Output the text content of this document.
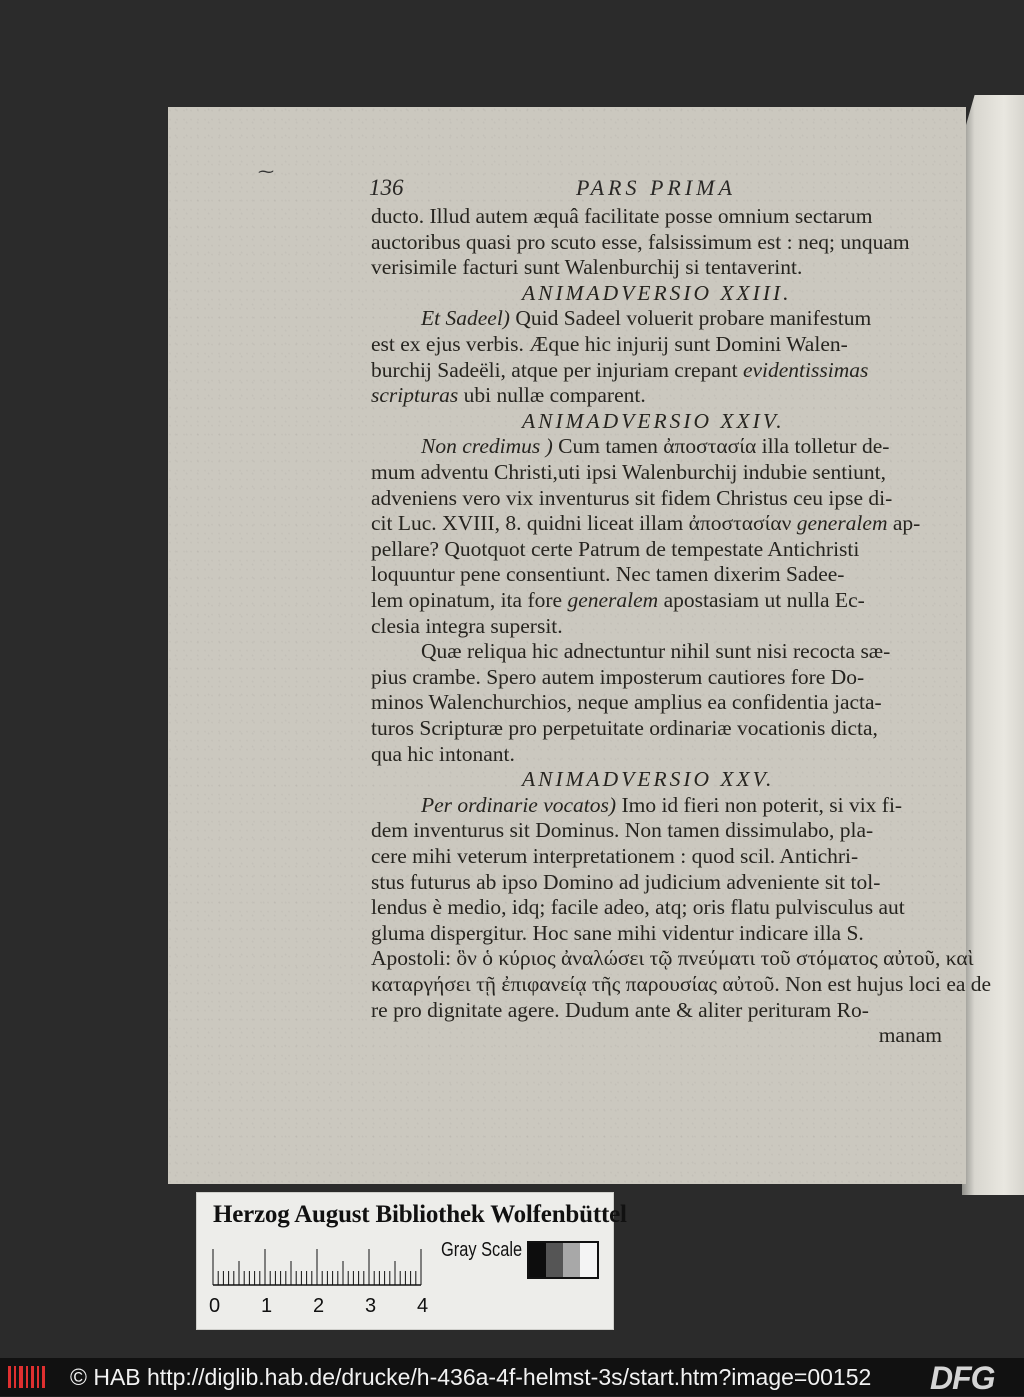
⁓
136	PARS PRIMA
ducto. Illud autem æquâ facilitate posse omnium sectarum
auctoribus quasi pro scuto esse, falsissimum est : neq; unquam
verisimile facturi sunt Walenburchij si tentaverint.
ANIMADVERSIO XXIII.
Et Sadeel) Quid Sadeel voluerit probare manifestum
est ex ejus verbis. Æque hic injurij sunt Domini Walen-
burchij Sadeëli, atque per injuriam crepant evidentissimas
scripturas ubi nullæ comparent.
ANIMADVERSIO XXIV.
Non credimus ) Cum tamen ἀποστασία illa tolletur de-
mum adventu Christi,uti ipsi Walenburchij indubie sentiunt,
adveniens vero vix inventurus sit fidem Christus ceu ipse di-
cit Luc. XVIII, 8. quidni liceat illam ἀποστασίαν generalem ap-
pellare? Quotquot certe Patrum de tempestate Antichristi
loquuntur pene consentiunt. Nec tamen dixerim Sadee-
lem opinatum, ita fore generalem apostasiam ut nulla Ec-
clesia integra supersit.
Quæ reliqua hic adnectuntur nihil sunt nisi recocta sæ-
pius crambe. Spero autem imposterum cautiores fore Do-
minos Walenchurchios, neque amplius ea confidentia jacta-
turos Scripturæ pro perpetuitate ordinariæ vocationis dicta,
qua hic intonant.
ANIMADVERSIO XXV.
Per ordinarie vocatos) Imo id fieri non poterit, si vix fi-
dem inventurus sit Dominus. Non tamen dissimulabo, pla-
cere mihi veterum interpretationem : quod scil. Antichri-
stus futurus ab ipso Domino ad judicium adveniente sit tol-
lendus è medio, idq; facile adeo, atq; oris flatu pulvisculus aut
gluma dispergitur. Hoc sane mihi videntur indicare illa S.
Apostoli: ὃν ὁ κύριος ἀναλώσει τῷ πνεύματι τοῦ στόματος αὐτοῦ, καὶ
καταργήσει τῇ ἐπιφανείᾳ τῆς παρουσίας αὐτοῦ. Non est hujus loci ea de
re pro dignitate agere. Dudum ante & aliter perituram Ro-
manam
Herzog August Bibliothek Wolfenbüttel
0 1 2 3 4
Gray Scale
© HAB http://diglib.hab.de/drucke/h-436a-4f-helmst-3s/start.htm?image=00152 DFG
